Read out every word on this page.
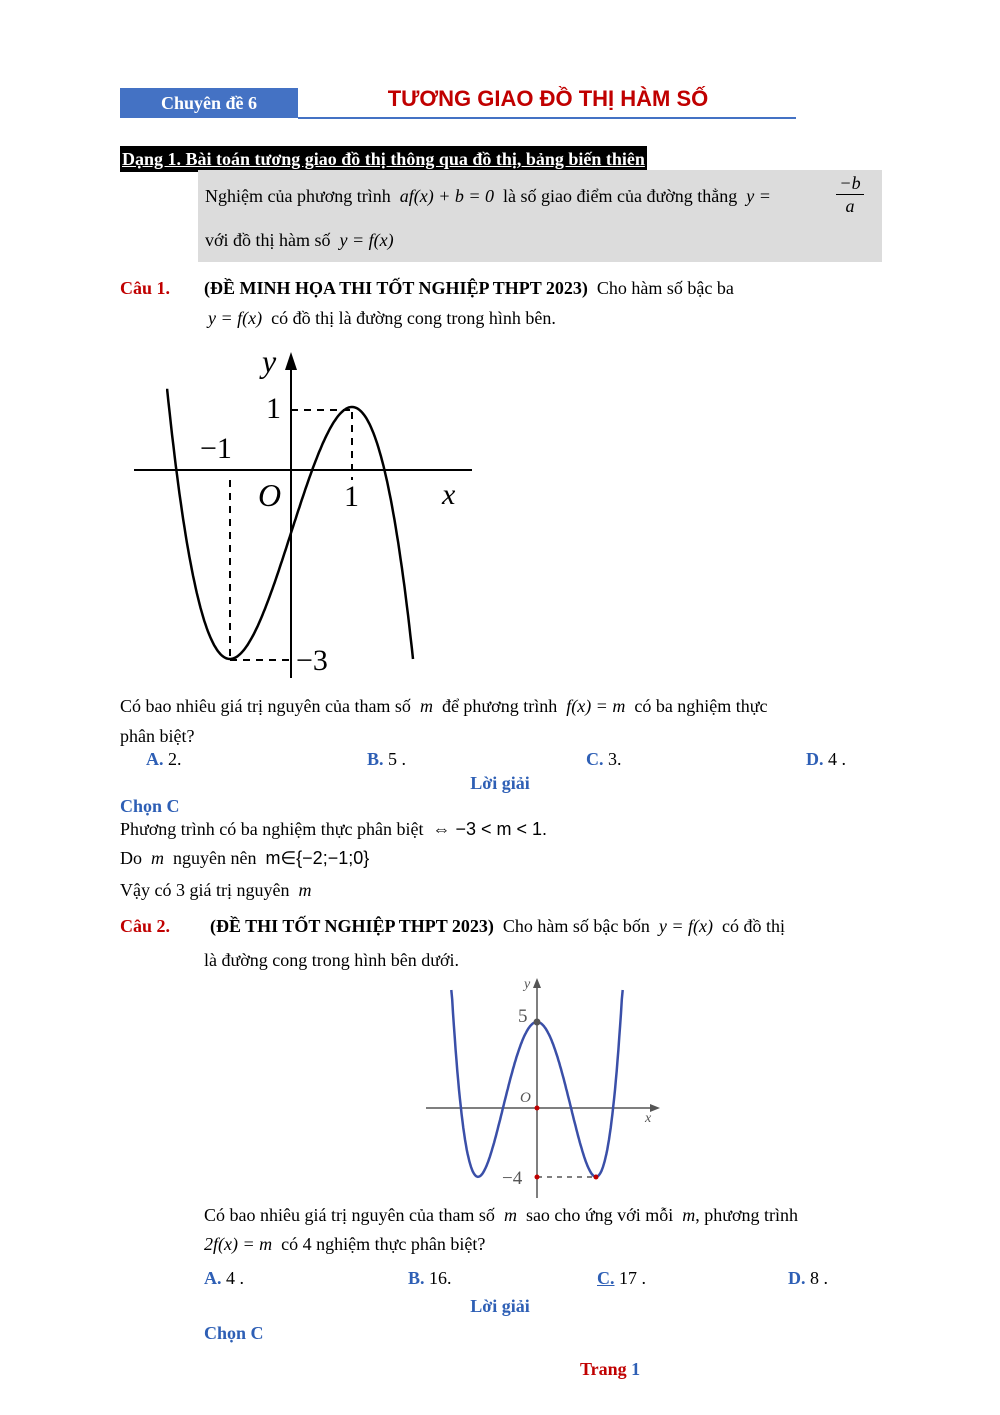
Chuyên đề 6	TƯƠNG GIAO ĐỒ THỊ HÀM SỐ
Dạng 1. Bài toán tương giao đồ thị thông qua đồ thị, bảng biến thiên
Nghiệm của phương trình af(x) + b = 0 là số giao điểm của đường thẳng y =	$\frac{-b}{a}$
với đồ thị hàm số y = f(x)
Câu 1. (ĐỀ MINH HỌA THI TỐT NGHIỆP THPT 2023) Cho hàm số bậc ba
y = f(x) có đồ thị là đường cong trong hình bên.
y
x
O 1
1
−1
−3
Có bao nhiêu giá trị nguyên của tham số m để phương trình f(x) = m có ba nghiệm thực
phân biệt?
A. 2.	B. 5 .	C. 3.	D. 4 .
Lời giải
Chọn C
Phương trình có ba nghiệm thực phân biệt ⇔ −3 < m < 1.
Do m nguyên nên m∈{−2;−1;0}
Vậy có 3 giá trị nguyên m
Câu 2. (ĐỀ THI TỐT NGHIỆP THPT 2023) Cho hàm số bậc bốn y = f(x) có đồ thị
là đường cong trong hình bên dưới.
y
x
O
5
−4
Có bao nhiêu giá trị nguyên của tham số m sao cho ứng với mỗi m, phương trình
2f(x) = m có 4 nghiệm thực phân biệt?
A. 4 .	B. 16.	C. 17 .	D. 8 .
Lời giải
Chọn C
Trang 1
